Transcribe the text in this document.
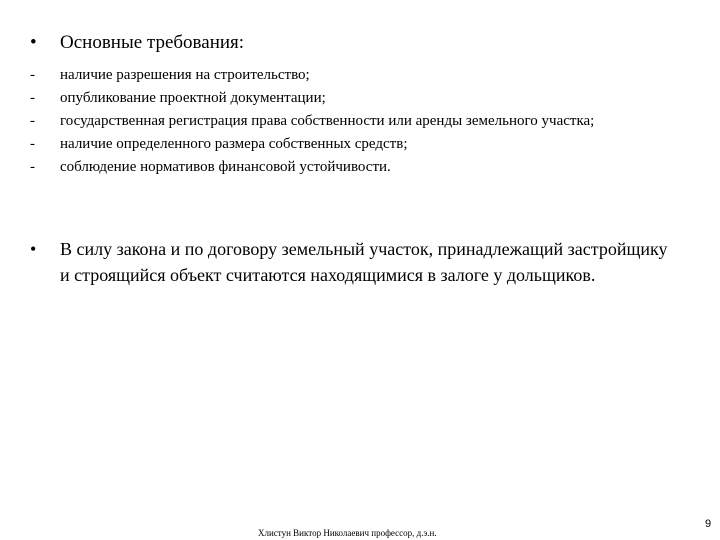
•	Основные требования:
-	наличие разрешения на строительство;
-	опубликование проектной документации;
-	государственная регистрация права собственности или аренды земельного участка;
-	наличие определенного размера собственных средств;
-	соблюдение нормативов финансовой устойчивости.
•	В силу закона и по договору земельный участок, принадлежащий застройщику и строящийся объект считаются находящимися в залоге у дольщиков.
Хлистун Виктор Николаевич профессор, д.э.н.
9
